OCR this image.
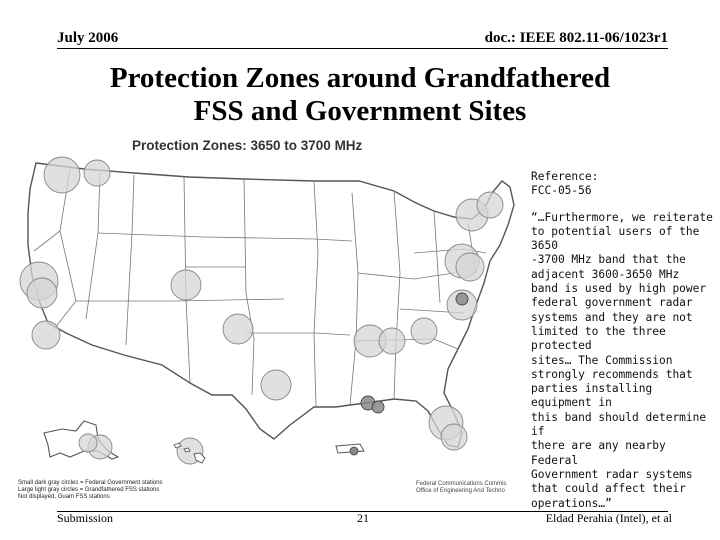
July 2006	doc.: IEEE 802.11-06/1023r1
Protection Zones around Grandfathered
FSS and Government Sites
Protection Zones: 3650 to 3700 MHz
Small dark gray circles = Federal Government stations
Large light gray circles = Grandfathered FSS stations
Not displayed, Guam FSS stations
Federal Communications Commis
Office of Engineering And Techno

Reference:

FCC-05-56

“…Furthermore, we reiterate

to potential users of the 3650

-3700 MHz band that the

adjacent 3600-3650 MHz

band is used by high power

federal government radar

systems and they are not

limited to the three protected

sites… The Commission

strongly recommends that

parties installing equipment in

this band should determine if

there are any nearby Federal

Government radar systems

that could affect their

operations…”

Submission	21	Eldad Perahia (Intel), et al
